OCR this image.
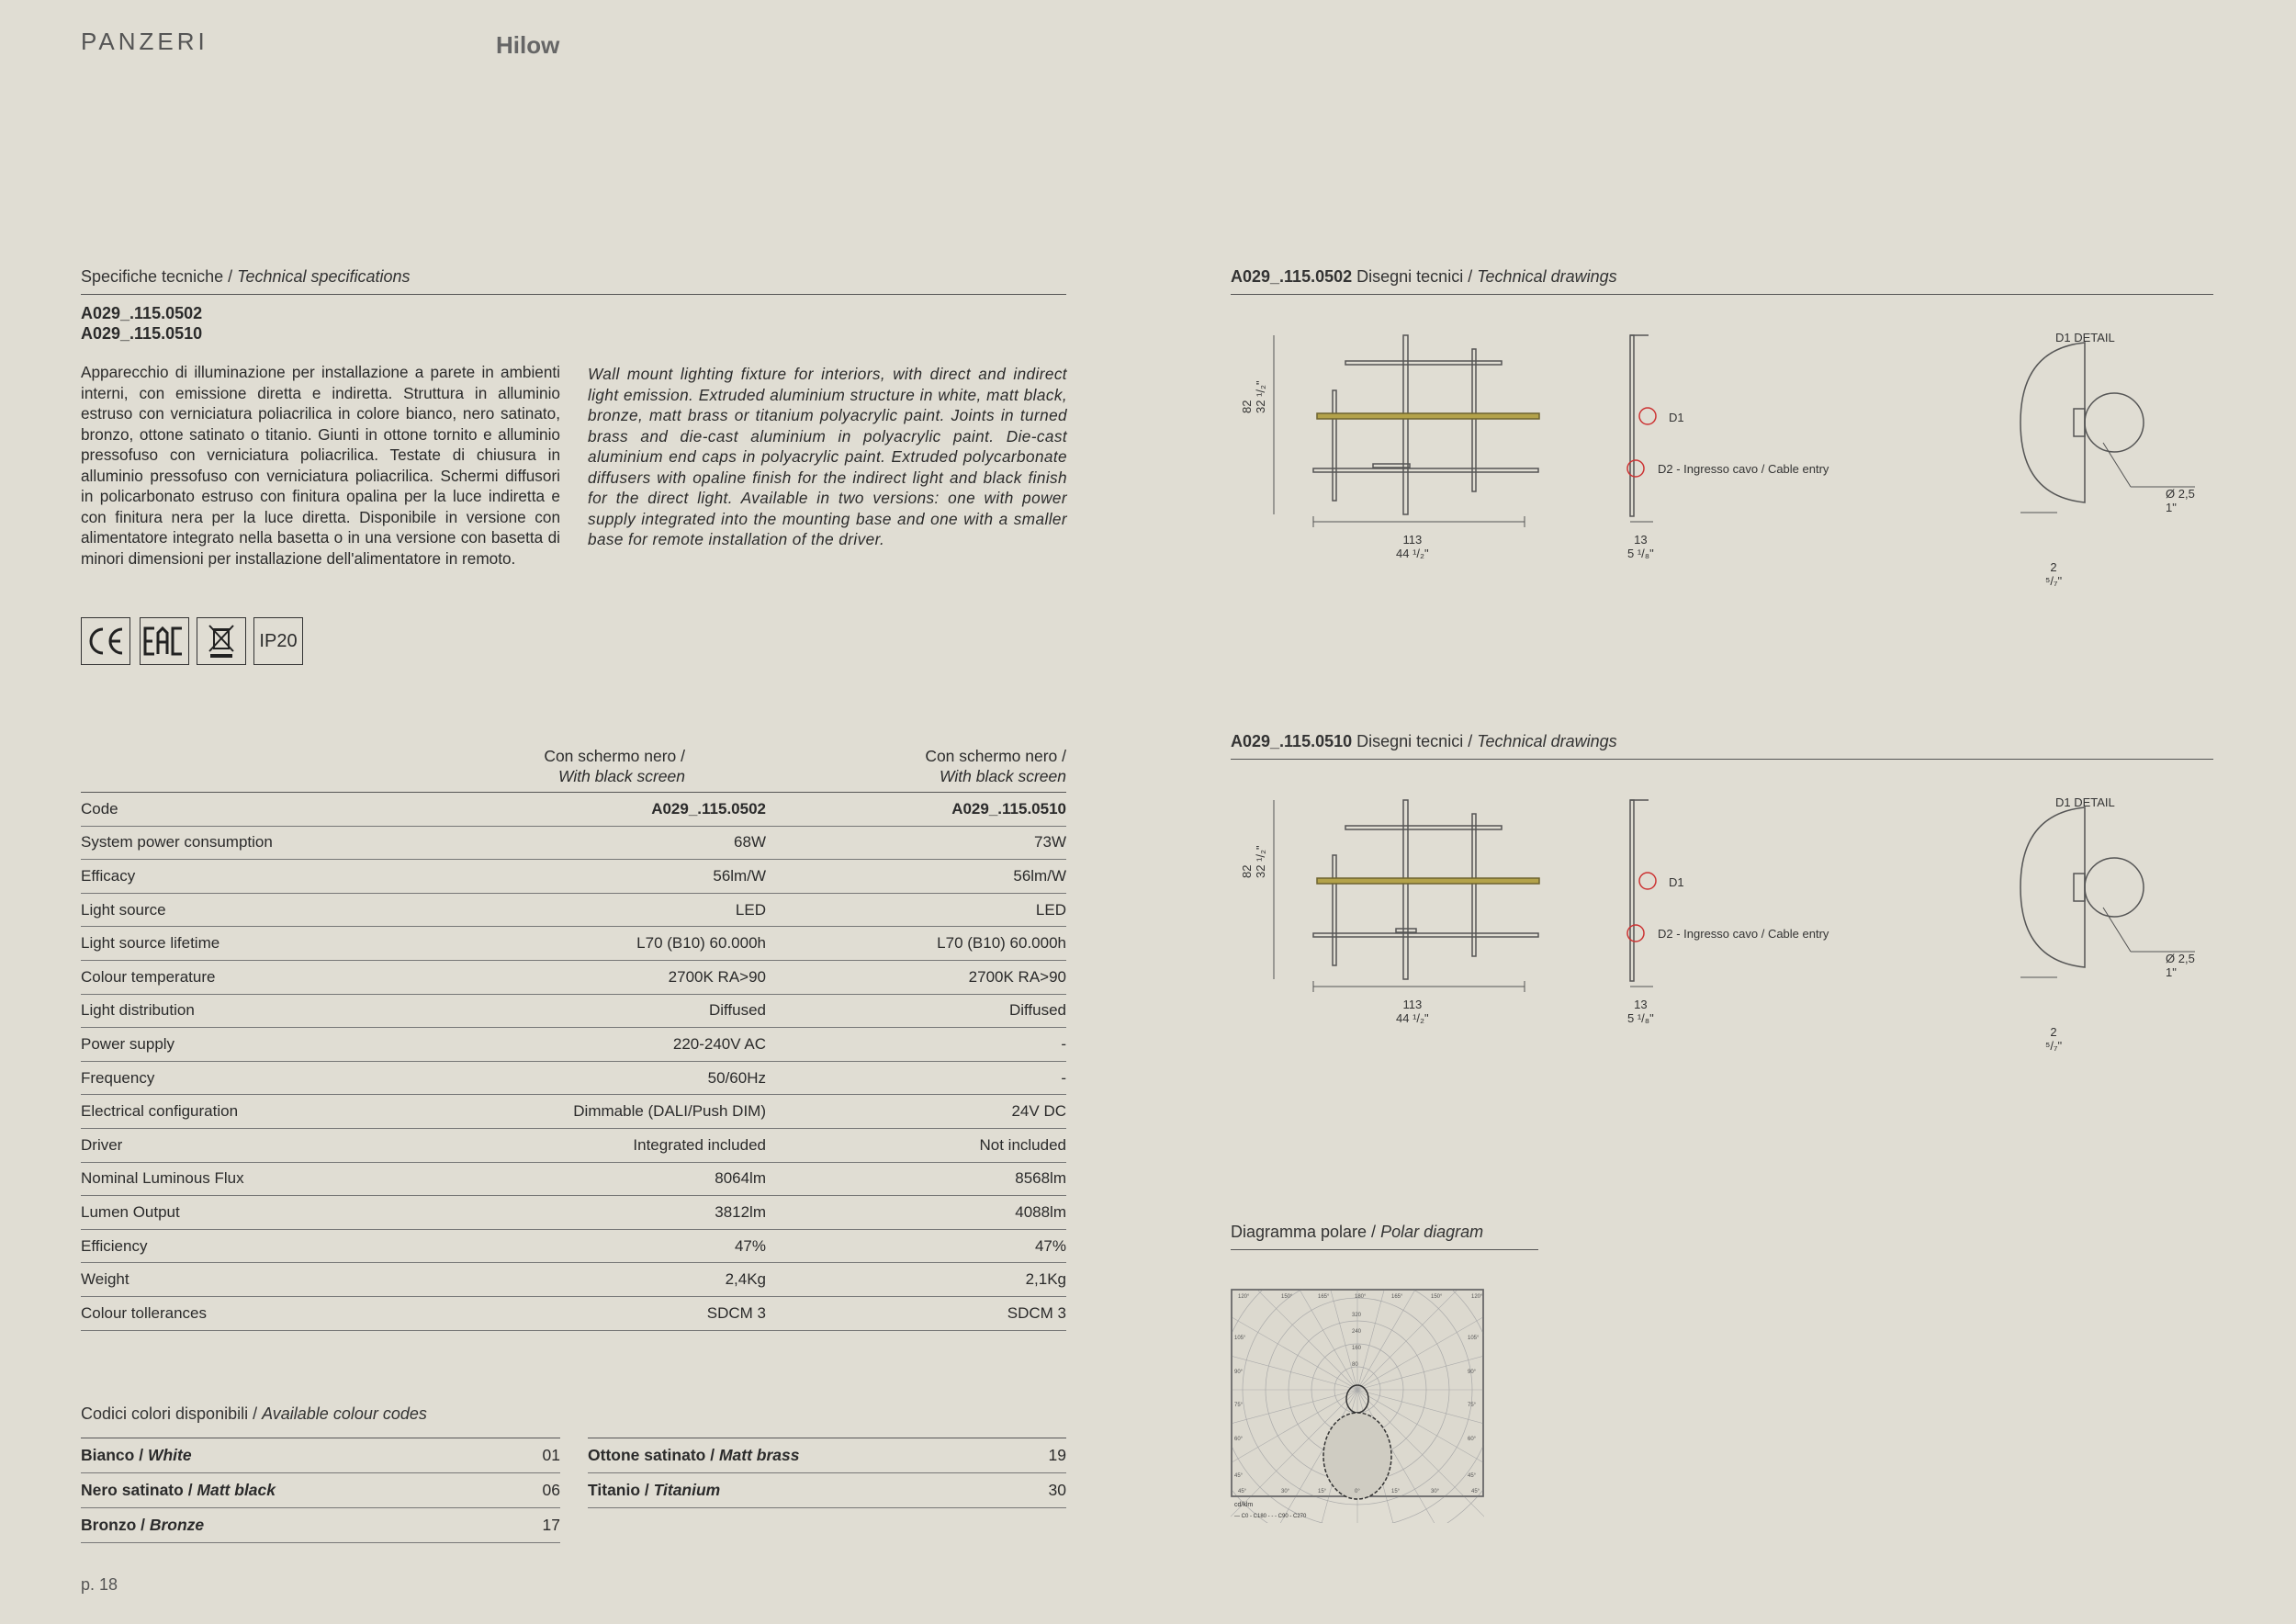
PANZERI	Hilow
Specifiche tecniche / Technical specifications
A029_.115.0502
A029_.115.0510
Apparecchio di illuminazione per installazione a parete in ambienti interni, con emissione diretta e indiretta. Struttura in alluminio estruso con verniciatura poliacrilica in colore bianco, nero satinato, bronzo, ottone satinato o titanio. Giunti in ottone tornito e alluminio pressofuso con verniciatura poliacrilica. Testate di chiusura in alluminio pressofuso con verniciatura poliacrilica. Schermi diffusori in policarbonato estruso con finitura opalina per la luce indiretta e con finitura nera per la luce diretta. Disponibile in versione con alimentatore integrato nella basetta o in una versione con basetta di minori dimensioni per installazione dell'alimentatore in remoto.
Wall mount lighting fixture for interiors, with direct and indirect light emission. Extruded aluminium structure in white, matt black, bronze, matt brass or titanium polyacrylic paint. Joints in turned brass and die-cast aluminium in polyacrylic paint. Die-cast aluminium end caps in polyacrylic paint. Extruded polycarbonate diffusers with opaline finish for the indirect light and black finish for the direct light. Available in two versions: one with power supply integrated into the mounting base and one with a smaller base for remote installation of the driver.
IP20
Con schermo nero /
With black screen
Con schermo nero /
With black screen
Code	A029_.115.0502	A029_.115.0510
System power consumption	68W	73W
Efficacy	56lm/W	56lm/W
Light source	LED	LED
Light source lifetime	L70 (B10) 60.000h	L70 (B10) 60.000h
Colour temperature	2700K RA>90	2700K RA>90
Light distribution	Diffused	Diffused
Power supply	220-240V AC	-
Frequency	50/60Hz	-
Electrical configuration	Dimmable (DALI/Push DIM)	24V DC
Driver	Integrated included	Not included
Nominal Luminous Flux	8064lm	8568lm
Lumen Output	3812lm	4088lm
Efficiency	47%	47%
Weight	2,4Kg	2,1Kg
Colour tollerances	SDCM 3	SDCM 3
Codici colori disponibili / Available colour codes
Bianco / White	01
Nero satinato / Matt black	06
Bronzo / Bronze	17
Ottone satinato / Matt brass	19
Titanio / Titanium	30
A029_.115.0502 Disegni tecnici / Technical drawings
82
32 ¹/₂"
113
44 ¹/₂"
13
5 ¹/₈"
D1
D2 - Ingresso cavo / Cable entry
D1 DETAIL
Ø 2,5
1"
2
⁵/₇"
A029_.115.0510 Disegni tecnici / Technical drawings
82
32 ¹/₂"
113
44 ¹/₂"
13
5 ¹/₈"
D1
D2 - Ingresso cavo / Cable entry
D1 DETAIL
Ø 2,5
1"
2
⁵/₇"
Diagramma polare / Polar diagram
120°	150°	165°	180°	165°	150°	120°
105°	105°
90°	90°
75°	75°
60°	60°
45°	45°
45°	30°	15°	0°	15°	30°	45°
320
240
160
80
cd/klm
— C0 - C180 - - - C90 - C270
p. 18
